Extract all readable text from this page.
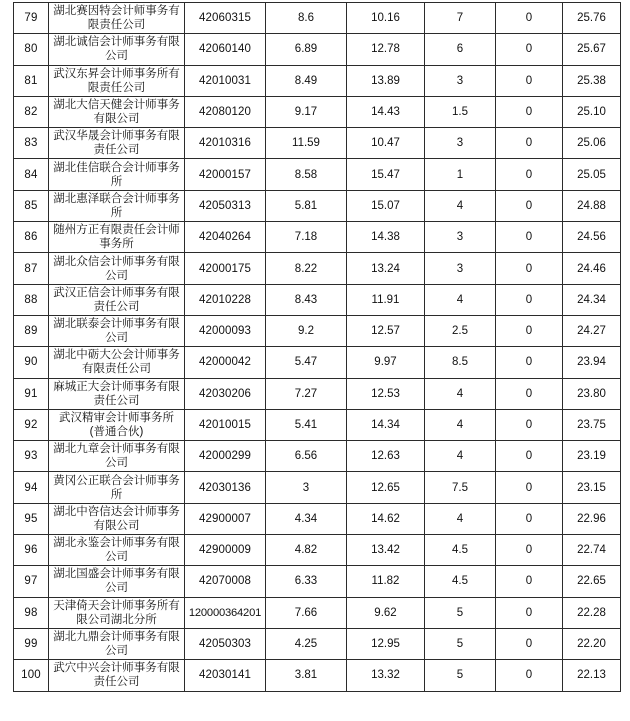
79	湖北赛因特会计师事务有限责任公司	42060315	8.6	10.16	7	0	25.76
80	湖北诚信会计师事务有限公司	42060140	6.89	12.78	6	0	25.67
81	武汉东昇会计师事务所有限责任公司	42010031	8.49	13.89	3	0	25.38
82	湖北大信天健会计师事务有限公司	42080120	9.17	14.43	1.5	0	25.10
83	武汉华晟会计师事务有限责任公司	42010316	11.59	10.47	3	0	25.06
84	湖北佳信联合会计师事务所	42000157	8.58	15.47	1	0	25.05
85	湖北惠泽联合会计师事务所	42050313	5.81	15.07	4	0	24.88
86	随州方正有限责任会计师事务所	42040264	7.18	14.38	3	0	24.56
87	湖北众信会计师事务有限公司	42000175	8.22	13.24	3	0	24.46
88	武汉正信会计师事务有限责任公司	42010228	8.43	11.91	4	0	24.34
89	湖北联泰会计师事务有限公司	42000093	9.2	12.57	2.5	0	24.27
90	湖北中砺大公会计师事务有限责任公司	42000042	5.47	9.97	8.5	0	23.94
91	麻城正大会计师事务有限责任公司	42030206	7.27	12.53	4	0	23.80
92	武汉精审会计师事务所 (普通合伙)	42010015	5.41	14.34	4	0	23.75
93	湖北九章会计师事务有限公司	42000299	6.56	12.63	4	0	23.19
94	黄冈公正联合会计师事务所	42030136	3	12.65	7.5	0	23.15
95	湖北中咨信达会计师事务有限公司	42900007	4.34	14.62	4	0	22.96
96	湖北永鉴会计师事务有限公司	42900009	4.82	13.42	4.5	0	22.74
97	湖北国盛会计师事务有限公司	42070008	6.33	11.82	4.5	0	22.65
98	天津倚天会计师事务所有限公司湖北分所	120000364201	7.66	9.62	5	0	22.28
99	湖北九鼎会计师事务有限公司	42050303	4.25	12.95	5	0	22.20
100	武穴中兴会计师事务有限责任公司	42030141	3.81	13.32	5	0	22.13
